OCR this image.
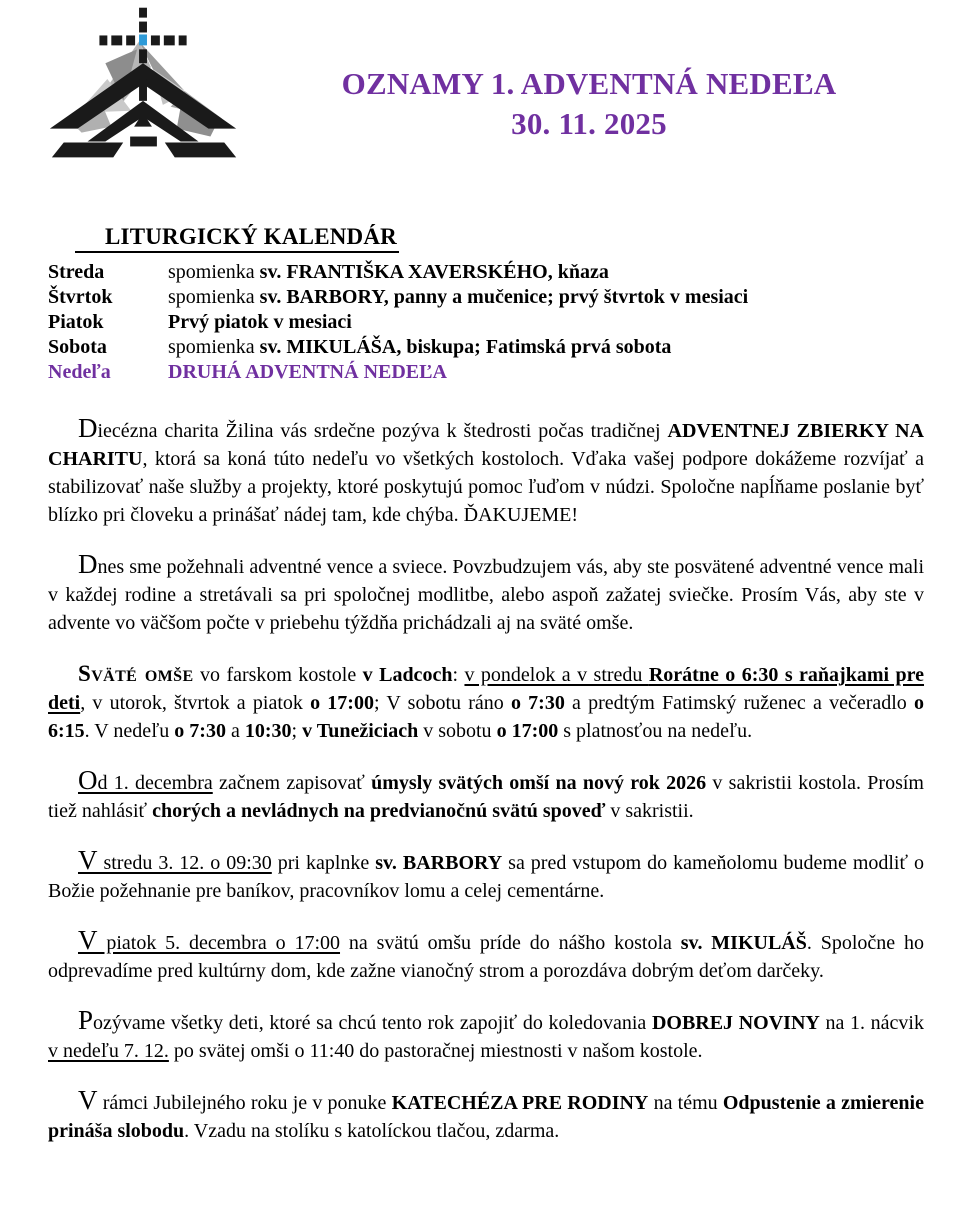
OZNAMY 1. ADVENTNÁ NEDEĽA
30. 11. 2025
LITURGICKÝ KALENDÁR
Streda	spomienka sv. FRANTIŠKA XAVERSKÉHO, kňaza
Štvrtok	spomienka sv. BARBORY, panny a mučenice; prvý štvrtok v mesiaci
Piatok	Prvý piatok v mesiaci
Sobota	spomienka sv. MIKULÁŠA, biskupa; Fatimská prvá sobota
Nedeľa	DRUHÁ ADVENTNÁ NEDEĽA

Diecézna charita Žilina vás srdečne pozýva k štedrosti počas tradičnej ADVENTNEJ ZBIERKY NA CHARITU, ktorá sa koná túto nedeľu vo všetkých kostoloch. Vďaka vašej podpore dokážeme rozvíjať a stabilizovať naše služby a projekty, ktoré poskytujú pomoc ľuďom v núdzi. Spoločne napĺňame poslanie byť blízko pri človeku a prinášať nádej tam, kde chýba. ĎAKUJEME!

Dnes sme požehnali adventné vence a sviece. Povzbudzujem vás, aby ste posvätené adventné vence mali v každej rodine a stretávali sa pri spoločnej modlitbe, alebo aspoň zažatej sviečke. Prosím Vás, aby ste v advente vo väčšom počte v priebehu týždňa prichádzali aj na sväté omše.

Sväté omše vo farskom kostole v Ladcoch: v pondelok a v stredu Rorátne o 6:30 s raňajkami pre deti, v utorok, štvrtok a piatok o 17:00; V sobotu ráno o 7:30 a predtým Fatimský ruženec a večeradlo o 6:15. V nedeľu o 7:30 a 10:30; v Tunežiciach v sobotu o 17:00 s platnosťou na nedeľu.

Od 1. decembra začnem zapisovať úmysly svätých omší na nový rok 2026 v sakristii kostola. Prosím tiež nahlásiť chorých a nevládnych na predvianočnú svätú spoveď v sakristii.

V stredu 3. 12. o 09:30 pri kaplnke sv. BARBORY sa pred vstupom do kameňolomu budeme modliť o Božie požehnanie pre baníkov, pracovníkov lomu a celej cementárne.

V piatok 5. decembra o 17:00 na svätú omšu príde do nášho kostola sv. MIKULÁŠ. Spoločne ho odprevadíme pred kultúrny dom, kde zažne vianočný strom a porozdáva dobrým deťom darčeky.

Pozývame všetky deti, ktoré sa chcú tento rok zapojiť do koledovania DOBREJ NOVINY na 1. nácvik v nedeľu 7. 12. po svätej omši o 11:40 do pastoračnej miestnosti v našom kostole.

V rámci Jubilejného roku je v ponuke KATECHÉZA PRE RODINY na tému Odpustenie a zmierenie prináša slobodu. Vzadu na stolíku s katolíckou tlačou, zdarma.
